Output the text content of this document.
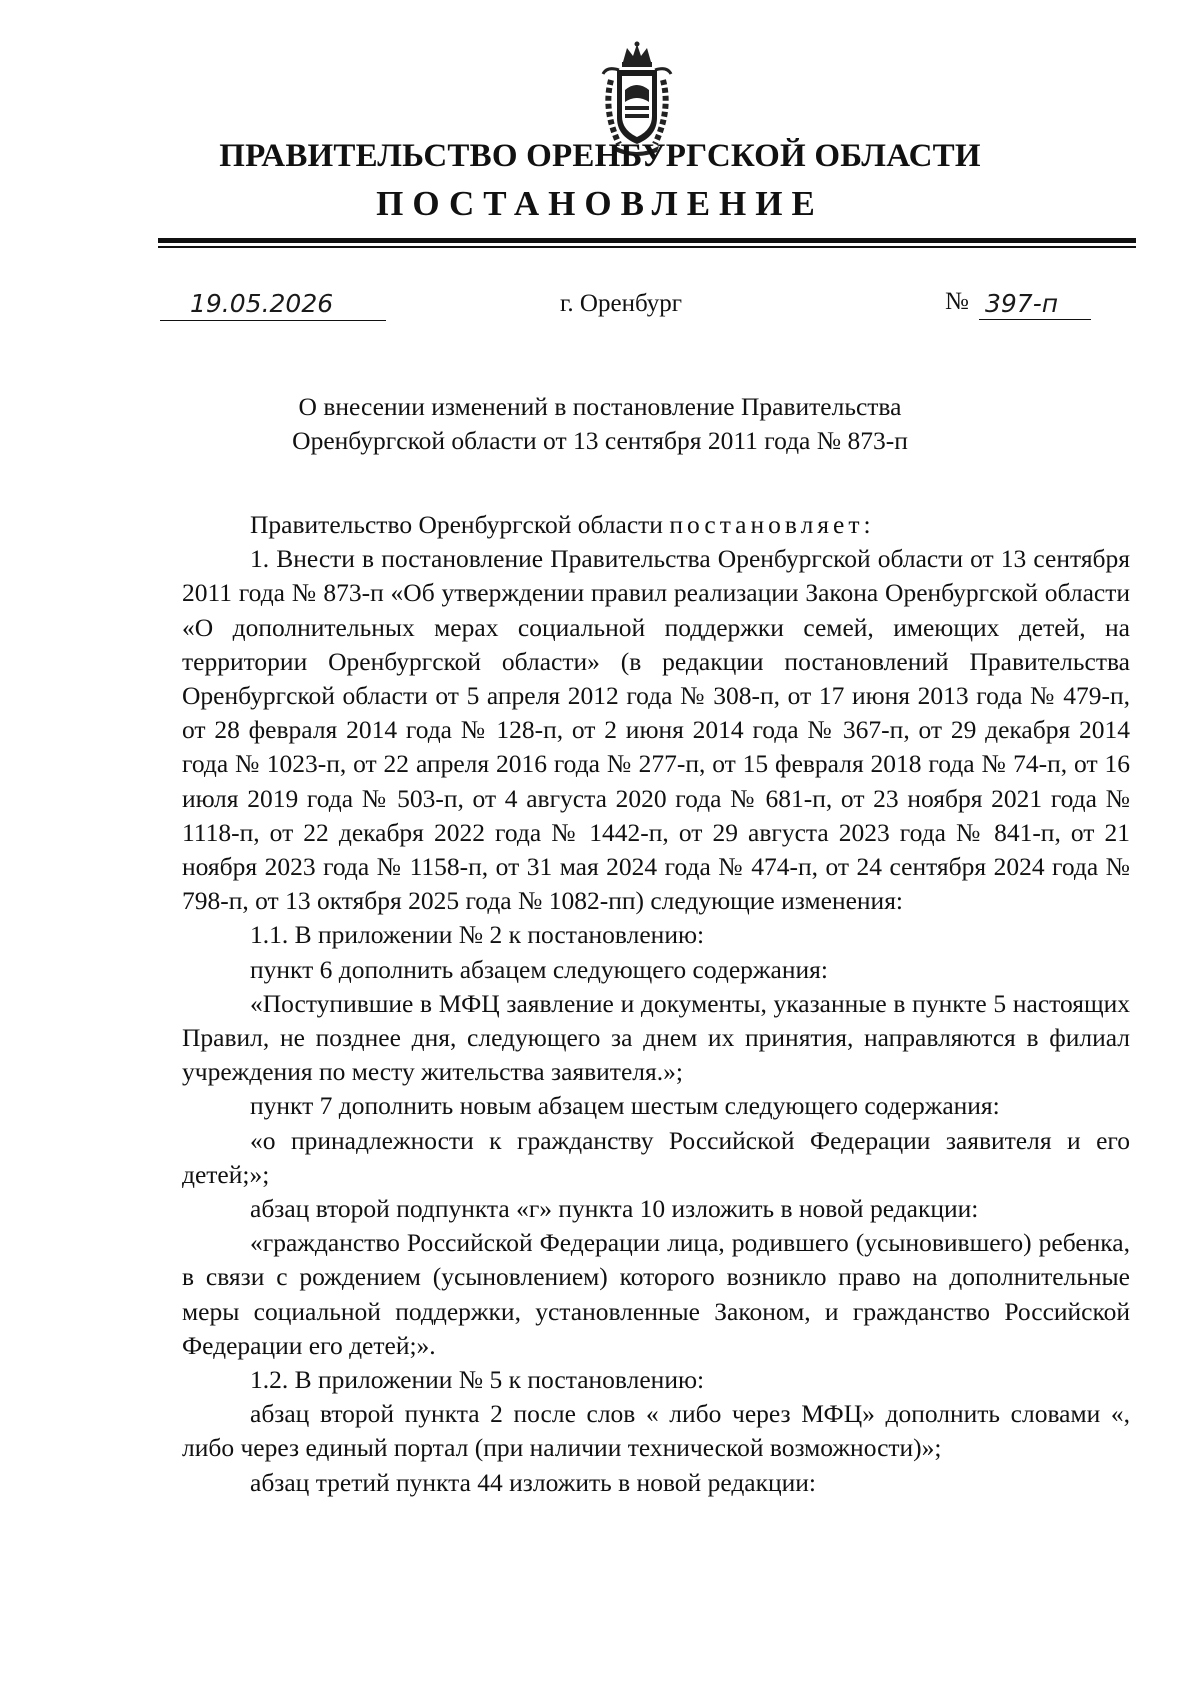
ПРАВИТЕЛЬСТВО ОРЕНБУРГСКОЙ ОБЛАСТИ
ПОСТАНОВЛЕНИЕ
19.05.2026	г. Оренбург	№ 397-п
О внесении изменений в постановление Правительства
Оренбургской области от 13 сентября 2011 года № 873-п

Правительство Оренбургской области постановляет:

1. Внести в постановление Правительства Оренбургской области от 13 сентября 2011 года № 873-п «Об утверждении правил реализации Закона Оренбургской области «О дополнительных мерах социальной поддержки семей, имеющих детей, на территории Оренбургской области» (в редакции постановлений Правительства Оренбургской области от 5 апреля 2012 года № 308-п, от 17 июня 2013 года № 479-п, от 28 февраля 2014 года № 128-п, от 2 июня 2014 года № 367-п, от 29 декабря 2014 года № 1023-п, от 22 апреля 2016 года № 277-п, от 15 февраля 2018 года № 74-п, от 16 июля 2019 года № 503-п, от 4 августа 2020 года № 681-п, от 23 ноября 2021 года № 1118-п, от 22 декабря 2022 года № 1442-п, от 29 августа 2023 года № 841-п, от 21 ноября 2023 года № 1158-п, от 31 мая 2024 года № 474-п, от 24 сентября 2024 года № 798-п, от 13 октября 2025 года № 1082-пп) следующие изменения:

1.1. В приложении № 2 к постановлению:

пункт 6 дополнить абзацем следующего содержания:

«Поступившие в МФЦ заявление и документы, указанные в пункте 5 настоящих Правил, не позднее дня, следующего за днем их принятия, направляются в филиал учреждения по месту жительства заявителя.»;

пункт 7 дополнить новым абзацем шестым следующего содержания:

«о принадлежности к гражданству Российской Федерации заявителя и его детей;»;

абзац второй подпункта «г» пункта 10 изложить в новой редакции:

«гражданство Российской Федерации лица, родившего (усыновившего) ребенка, в связи с рождением (усыновлением) которого возникло право на дополнительные меры социальной поддержки, установленные Законом, и гражданство Российской Федерации его детей;».

1.2. В приложении № 5 к постановлению:

абзац второй пункта 2 после слов « либо через МФЦ» дополнить словами «, либо через единый портал (при наличии технической возможности)»;

абзац третий пункта 44 изложить в новой редакции:
